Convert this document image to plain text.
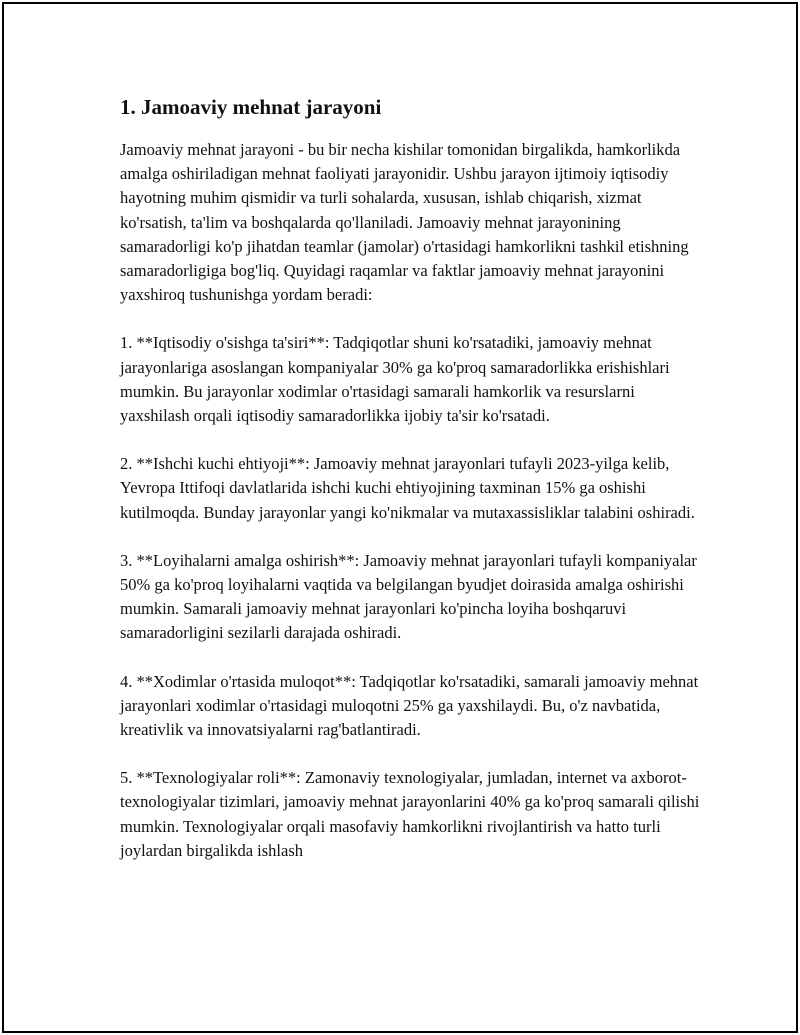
1. Jamoaviy mehnat jarayoni

Jamoaviy mehnat jarayoni - bu bir necha kishilar tomonidan birgalikda, hamkorlikda amalga oshiriladigan mehnat faoliyati jarayonidir. Ushbu jarayon ijtimoiy iqtisodiy hayotning muhim qismidir va turli sohalarda, xususan, ishlab chiqarish, xizmat ko'rsatish, ta'lim va boshqalarda qo'llaniladi. Jamoaviy mehnat jarayonining samaradorligi ko'p jihatdan teamlar (jamolar) o'rtasidagi hamkorlikni tashkil etishning samaradorligiga bog'liq. Quyidagi raqamlar va faktlar jamoaviy mehnat jarayonini yaxshiroq tushunishga yordam beradi:

1. **Iqtisodiy o'sishga ta'siri**: Tadqiqotlar shuni ko'rsatadiki, jamoaviy mehnat jarayonlariga asoslangan kompaniyalar 30% ga ko'proq samaradorlikka erishishlari mumkin. Bu jarayonlar xodimlar o'rtasidagi samarali hamkorlik va resurslarni yaxshilash orqali iqtisodiy samaradorlikka ijobiy ta'sir ko'rsatadi.

2. **Ishchi kuchi ehtiyoji**: Jamoaviy mehnat jarayonlari tufayli 2023-yilga kelib, Yevropa Ittifoqi davlatlarida ishchi kuchi ehtiyojining taxminan 15% ga oshishi kutilmoqda. Bunday jarayonlar yangi ko'nikmalar va mutaxassisliklar talabini oshiradi.

3. **Loyihalarni amalga oshirish**: Jamoaviy mehnat jarayonlari tufayli kompaniyalar 50% ga ko'proq loyihalarni vaqtida va belgilangan byudjet doirasida amalga oshirishi mumkin. Samarali jamoaviy mehnat jarayonlari ko'pincha loyiha boshqaruvi samaradorligini sezilarli darajada oshiradi.

4. **Xodimlar o'rtasida muloqot**: Tadqiqotlar ko'rsatadiki, samarali jamoaviy mehnat jarayonlari xodimlar o'rtasidagi muloqotni 25% ga yaxshilaydi. Bu, o'z navbatida, kreativlik va innovatsiyalarni rag'batlantiradi.

5. **Texnologiyalar roli**: Zamonaviy texnologiyalar, jumladan, internet va axborot-texnologiyalar tizimlari, jamoaviy mehnat jarayonlarini 40% ga ko'proq samarali qilishi mumkin. Texnologiyalar orqali masofaviy hamkorlikni rivojlantirish va hatto turli joylardan birgalikda ishlash
